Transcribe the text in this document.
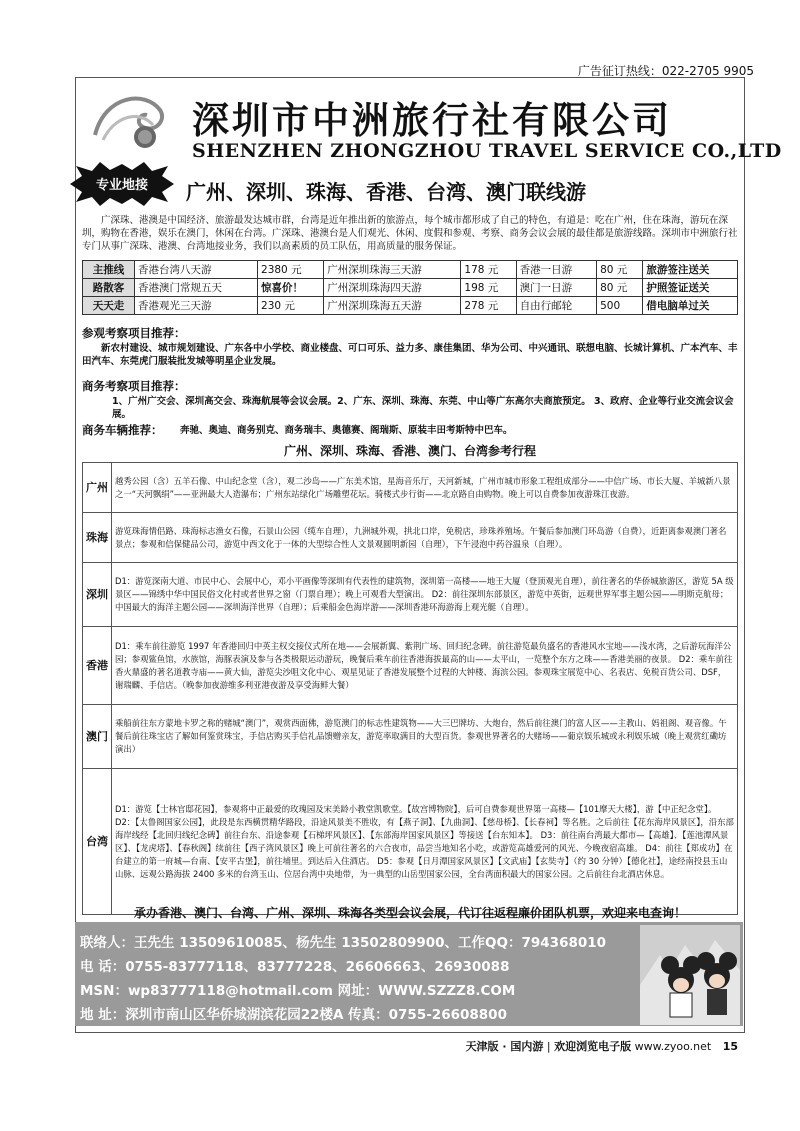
广告征订热线：022-2705 9905
深圳市中洲旅行社有限公司
SHENZHEN ZHONGZHOU TRAVEL SERVICE CO.,LTD
专业地接	广州、深圳、珠海、香港、台湾、澳门联线游
广深珠、港澳是中国经济、旅游最发达城市群，台湾是近年推出新的旅游点，每个城市都形成了自己的特色，有道是：吃在广州，住在珠海，游玩在深圳，购物在香港，娱乐在澳门，休闲在台湾。广深珠、港澳台是人们观光、休闲、度假和参观、考察、商务会议会展的最佳都是旅游线路。深圳市中洲旅行社专门从事广深珠、港澳、台湾地接业务，我们以高素质的员工队伍，用高质量的服务保证。
主推线	香港台湾八天游	2380 元	广州深圳珠海三天游	178 元	香港一日游	80 元	旅游签注送关
路散客	香港澳门常规五天	惊喜价！	广州深圳珠海四天游	198 元	澳门一日游	80 元	护照签证送关
天天走	香港观光三天游	230 元	广州深圳珠海五天游	278 元	自由行邮轮	500	借电脑单过关
参观考察项目推荐：
新农村建设、城市规划建设、广东各中小学校、商业楼盘、可口可乐、益力多、康佳集团、华为公司、中兴通讯、联想电脑、长城计算机、广本汽车、丰田汽车、东莞虎门服装批发城等明星企业发展。
商务考察项目推荐：
1、广州广交会、深圳高交会、珠海航展等会议会展。2、广东、深圳、珠海、东莞、中山等广东高尔夫商旅预定。 3、政府、企业等行业交流会议会展。
商务车辆推荐： 奔驰、奥迪、商务别克、商务瑞丰、奥德赛、阁瑞斯、原装丰田考斯特中巴车。
广州、深圳、珠海、香港、澳门、台湾参考行程
广州	越秀公园（含）五羊石像、中山纪念堂（含），观二沙岛——广东美术馆，星海音乐厅，天河新城，广州市城市形象工程组成部分——中信广场、市长大厦、羊城新八景之一“天河飘绢”——亚洲最大人造瀑布；广州东站绿化广场雕塑花坛。骑楼式步行街——北京路自由购物。晚上可以自费参加夜游珠江夜游。
珠海	游览珠海情侣路、珠海标志渔女石像，石景山公园（缆车自理），九洲城外观，拱北口岸，免税店，珍珠养殖场。午餐后参加澳门环岛游（自费），近距离参观澳门著名景点；参观和信保健品公司，游览中西文化于一体的大型综合性人文景观圆明新园（自理），下午浸泡中药谷温泉（自理）。
深圳	D1：游览深南大道、市民中心、会展中心，邓小平画像等深圳有代表性的建筑物，深圳第一高楼——地王大厦（登顶观光自理），前往著名的华侨城旅游区，游览 5A 级景区——锦绣中华中国民俗文化村或者世界之窗（门票自理）；晚上可观看大型演出。 D2：前往深圳东部景区，游览中英街，远观世界军事主题公园——明斯克航母；中国最大的海洋主题公园——深圳海洋世界（自理）；后乘船金色海岸游——深圳香港环海游海上观光艇（自理）。
香港	D1：乘车前往游览 1997 年香港回归中英主权交接仪式所在地——会展新翼、紫荆广场、回归纪念碑。前往游览最负盛名的香港风水宝地——浅水湾，之后游玩海洋公园；参观鲨鱼馆，水族馆，海豚表演及参与各类极限运动游玩，晚餐后乘车前往香港海拔最高的山——太平山，一览整个东方之珠——香港美丽的夜景。 D2：乘车前往香火鼎盛的著名道教寺庙——黄大仙，游览尖沙咀文化中心、观星见证了香港发展整个过程的大钟楼、海滨公园。参观珠宝展览中心、名表店、免税百货公司、DSF，谢瑞麟、手信店。（晚参加夜游维多利亚港夜游及享受海鲜大餐）
澳门	乘船前往东方蒙地卡罗之称的赌城“澳门”，观赏西面佛，游览澳门的标志性建筑物——大三巴牌坊、大炮台，然后前往澳门的富人区——主教山、妈祖阁、观音像。午餐后前往珠宝店了解如何鉴赏珠宝，手信店购买手信礼品馈赠亲友，游览率取满目的大型百货。参观世界著名的大赌场——葡京娱乐城或永利娱乐城（晚上观赏红磡坊演出）
台湾	D1：游览【士林官邸花园】，参观将中正最爱的玫瑰园及宋美龄小教堂凯歌堂。【故宫博物院】，后可自费参观世界第一高楼—【101摩天大楼】，游【中正纪念堂】。 D2：【太鲁阁国家公园】，此段是东西横贯精华路段，沿途风景美不胜收，有【燕子洞】、【九曲洞】、【慈母桥】、【长春祠】等名胜。之后前往【花东海岸风景区】，沿东部海岸线经【北回归线纪念碑】前往台东、沿途参观【石梯坪风景区】、【东部海岸国家风景区】等接送【台东知本】。 D3：前往南台湾最大都市—【高雄】、【莲池潭风景区】、【龙虎塔】、【春秋阁】续前往【西子湾风景区】晚上可前往著名的六合夜市，品尝当地知名小吃，或游览高雄爱河的风光、今晚夜宿高雄。 D4：前往【郑成功】在台建立的第一府城—台南、【安平古堡】，前往埔里。到达后入住酒店。 D5：参观【日月潭国家风景区】【文武庙】【玄奘寺】（约 30 分钟）【德化社】，途经南投县玉山山脉、远观公路海拔 2400 多米的台湾玉山、位居台湾中央地带，为一典型的山岳型国家公园，全台湾面积最大的国家公园。之后前往台北酒店休息。
承办香港、澳门、台湾、广州、深圳、珠海各类型会议会展，代订往返程廉价团队机票，欢迎来电查询！
联络人：王先生 13509610085、杨先生 13502809900、工作QQ：794368010
电 话：0755-83777118、83777228、26606663、26930088
MSN：wp83777118@hotmail.com 网址：WWW.SZZZ8.COM
地 址：深圳市南山区华侨城湖滨花园22楼A 传真：0755-26608800
天津版 · 国内游 | 欢迎浏览电子版 www.zyoo.net 15
